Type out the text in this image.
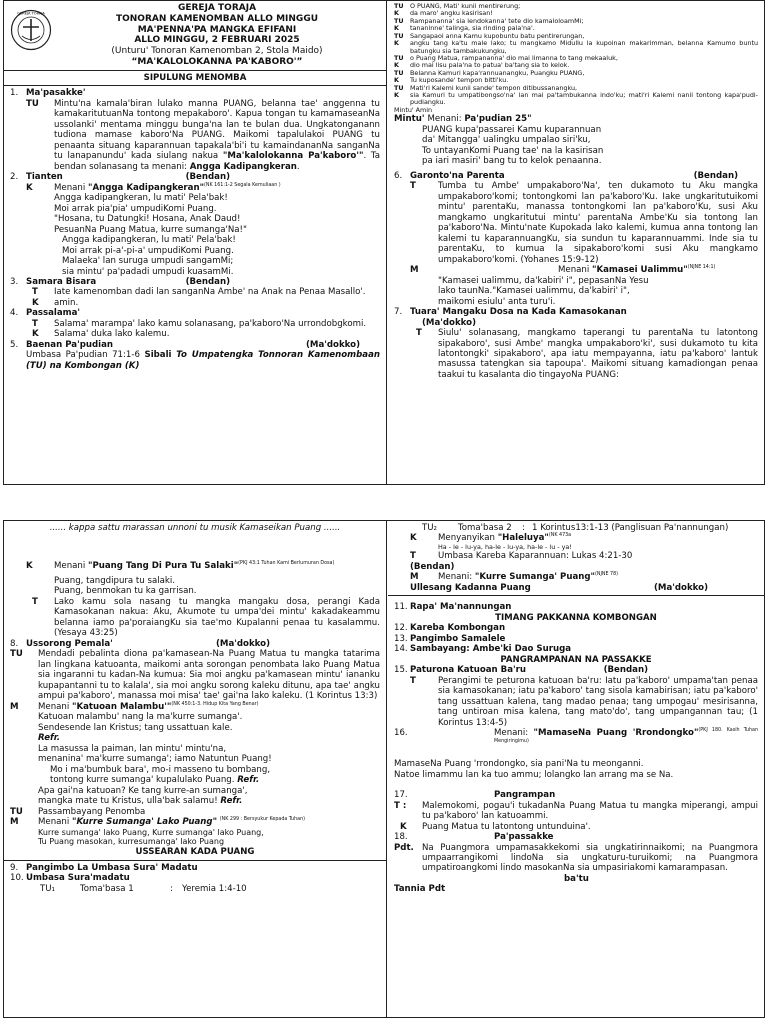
GEREJA TORAJA
GEREJA TORAJA
TONORAN KAMENOMBAN ALLO MINGGU
MA'PENNA'PA MANGKA EFIFANI
ALLO MINGGU, 2 FEBRUARI 2025
(Unturu' Tonoran Kamenomban 2, Stola Maido)
“MA'KALOLOKANNA PA'KABORO'”
SIPULUNG MENOMBA
1. Ma'pasakke'
TU	Mintu'na kamala'biran lulako manna PUANG, belanna tae' anggenna tu kamakaritutuanNa tontong mepakaboro'. Kapua tongan tu kamamaseanNa ussolanki' mentama minggu bunga'na lan te bulan dua. Ungkatonganann tudiona mamase kaboro'Na PUANG. Maikomi tapalulakoi PUANG tu penaanta situang kaparannuan tapakala'bi'i tu kamaindananNa sanganNa tu lanapanundu' kada siulang nakua "Ma'kalolokanna Pa'kaboro'". Ta bendan solanasang ta menani: Angga Kadipangkeran.
2. Tianten	(Bendan)
K	Menani "Angga Kadipangkeran"$^{(NK 161:1-2 Segala Kemuliaan )}$
Angga kadipangkeran, lu mati' Pela'bak!
Moi arrak pia'pia' umpudiKomi Puang.
"Hosana, tu Datungki! Hosana, Anak Daud!
PesuanNa Puang Matua, kurre sumanga'Na!"
Angga kadipangkeran, lu mati' Pela'bak!
Moi arrak pi-a'-pi-a' umpudiKomi Puang.
Malaeka' lan suruga umpudi sangamMi;
sia mintu' pa'padadi umpudi kuasamMi.
3. Samara Bisara	(Bendan)
T	Iate kamenomban dadi lan sanganNa Ambe' na Anak na Penaa Masallo'.
K	amin.
4. Passalama'
T	Salama' marampa' lako kamu solanasang, pa'kaboro'Na urrondobgkomi.
K	Salama' duka lako kalemu.
5. Baenan Pa'pudian	(Ma'dokko)
Umbasa Pa'pudian 71:1-6 Sibali To Umpatengka Tonnoran Kamenombaan (TU) na Kombongan (K)
TU	O PUANG, Mati' kunii mentirerung;
K	da maro' angku kasirisan!
TU	Rampananna' sia lendokanna' tete dio kamaloloamMi;
K	tananinne' talinga, sia rinding pala'na'.
TU	Sangapaoi anna Kamu kupobuntu batu pentirerungan,
K	angku tang ka'tu male lako; tu mangkamo Midullu la kupoinan makarimman, belanna Kamumo buntu batungku sia tambakukungku,
TU	o Puang Matua, rampananna' dio mai limanna to tang mekaaluk,
K	dio mai lisu pala'na to patua' ba'tang sia to kelok.
TU	Belanna Kamuri kapa'rannuanangku, Puangku PUANG,
K	Tu kuposande' tempon bitti'ku.
TU	Mati'ri Kalemi kunii sande' tempon ditibussanangku,
K	sia Kamuri tu umpatibongso'na' lan mai pa'tambukanna indo'ku; mati'ri Kalemi nanii tontong kapa'pudi-pudiangku.
Mintu' Amin
Mintu' Menani: Pa'pudian 25"
PUANG kupa'passarei Kamu kuparannuan
da' Mitangga' ualingku umpalao siri'ku,
To untayanKomi Puang tae' na la kasirisan
pa iari masiri' bang tu to kelok penaanna.
6. Garonto'na Parenta	(Bendan)
T	Tumba tu Ambe' umpakaboro'Na', ten dukamoto tu Aku mangka umpakaboro'komi; tontongkomi lan pa'kaboro'Ku. Iake ungkaritutuikomi mintu' parentaKu, manassa tontongkomi lan pa'kaboro'Ku, susi Aku mangkamo ungkaritutui mintu' parentaNa Ambe'Ku sia tontong lan pa'kaboro'Na. Mintu'nate Kupokada lako kalemi, kumua anna tontong lan kalemi tu kaparannuangKu, sia sundun tu kaparannuammi. Inde sia tu parentaKu, to kumua la sipakaboro'komi susi Aku mangkamo umpakaboro'komi. (Yohanes 15:9-12)
M	Menani "Kamasei Ualimmu"$^{(NJNE 14:1)}$
"Kamasei ualimmu, da'kabiri' i", pepasanNa Yesu
lako taunNa."Kamasei ualimmu, da'kabiri' i",
maikomi esiulu' anta turu'i.
7. Tuara' Mangaku Dosa na Kada Kamasokanan
(Ma'dokko)
T	Siulu' solanasang, mangkamo taperangi tu parentaNa tu latontong sipakaboro', susi Ambe' mangka umpakaboro'ki', susi dukamoto tu kita latontongki' sipakaboro', apa iatu mempayanna, iatu pa'kaboro' lantuk masussa tatengkan sia tapoupa'. Maikomi situang kamadiongan penaa taakui tu kasalanta dio tingayoNa PUANG:
...... kappa sattu marassan unnoni tu musik Kamaseikan Puang ......
K	Menani "Puang Tang Di Pura Tu Salaki"$^{(PKJ 43:1 Tuhan Kami Berlumuran Dosa)}$
Puang, tangdipura tu salaki.
Puang, benmokan tu ka garrisan.
T	Lako kamu sola nasang tu mangka mangaku dosa, perangi Kada Kamasokanan nakua: Aku, Akumote tu umpa'dei mintu' kakadakeammu belanna iamo pa'poraiangKu sia tae'mo Kupalanni penaa tu kasalammu. (Yesaya 43:25)
8. Ussorong Pemala'	(Ma'dokko)
TU	Mendadi pebalinta diona pa'kamasean-Na Puang Matua tu mangka tatarima lan lingkana katuoanta, maikomi anta sorongan penombata lako Puang Matua sia ingaranni tu kadan-Na kumua: Sia moi angku pa'kamasean mintu' iananku kupapantanni tu to kalala', sia moi angku sorong kaleku ditunu, apa tae' angku ampui pa'kaboro', manassa moi misa' tae' gai'na lako kaleku. (1 Korintus 13:3)
M	Menani "Katuoan Malambu'"$^{(NK 450:1-3. Hidup Kita Yang Benar)}$
Katuoan malambu' nang la ma'kurre sumanga'.
Sendesende lan Kristus; tang ussattuan kale.
Refr.
La masussa la paiman, lan mintu' mintu'na,
menanina' ma'kurre sumanga'; iamo Natuntun Puang!
Mo i ma'bumbuk bara', mo-i masseno tu bombang,
tontong kurre sumanga' kupalulako Puang. Refr.
Apa gai'na katuoan? Ke tang kurre-an sumanga',
mangka mate tu Kristus, ulla'bak salamu! Refr.
TU	Passambayang Penomba
M	Menani "Kurre Sumanga' Lako Puang" $^{(NK 299 : Bersyukur Kepada Tuhan)}$
Kurre sumanga' lako Puang, Kurre sumanga' lako Puang,
Tu Puang masokan, kurresumanga' lako Puang
USSEARAN KADA PUANG
9. Pangimbo La Umbasa Sura' Madatu
10. Umbasa Sura'madatu
TU₁	Toma'basa 1	:	Yeremia 1:4-10
TU₂	Toma'basa 2	: 1 Korintus13:1-13 (Panglisuan Pa'nannungan)
K	Menyanyikan "Haleluya"$^{(NK 473a}$
Ha - le - lu-ya, ha-le - lu-ya, ha-le - lu - ya!
T	Umbasa Kareba Kaparannuan: Lukas 4:21-30
(Bendan)
M	Menani: "Kurre Sumanga' Puang"$^{(NJNE 78)}$
Ullesang Kadanna Puang	(Ma'dokko)
11. Rapa' Ma'nannungan
TIMANG PAKKANNA KOMBONGAN
12. Kareba Kombongan
13. Pangimbo Samalele
14. Sambayang: Ambe'ki Dao Suruga
PANGRAMPANAN NA PASSAKKE
15. Paturona Katuoan Ba'ru	(Bendan)
T	Perangimi te peturona katuoan ba'ru: Iatu pa'kaboro' umpama'tan penaa sia kamasokanan; iatu pa'kaboro' tang sisola kamabirisan; iatu pa'kaboro' tang ussattuan kalena, tang madao penaa; tang umpogau' mesirisanna, tang untiroan misa kalena, tang mato'do', tang umpangannan tau; (1 Korintus 13:4-5)
16.	Menani: "MamaseNa Puang 'Rrondongko"$^{(PKJ 180. Kasih Tuhan Mengiringimu)}$
MamaseNa Puang 'rrondongko, sia pani'Na tu meonganni.
Natoe limammu lan ka tuo ammu; lolangko lan arrang ma se Na.
17.	Pangrampan
T :	Malemokomi, pogau'i tukadanNa Puang Matua tu mangka miperangi, ampui tu pa'kaboro' lan katuoammi.
K	Puang Matua tu latontong untunduina'.
18.	Pa'passakke
Pdt. Na Puangmora umpamasakkekomi sia ungkatirinnaikomi; na Puangmora umpaarrangikomi lindoNa sia ungkaturu-turuikomi; na Puangmora umpatiroangkomi lindo masokanNa sia umpasiriakomi kamarampasan.
ba'tu
Tannia Pdt
